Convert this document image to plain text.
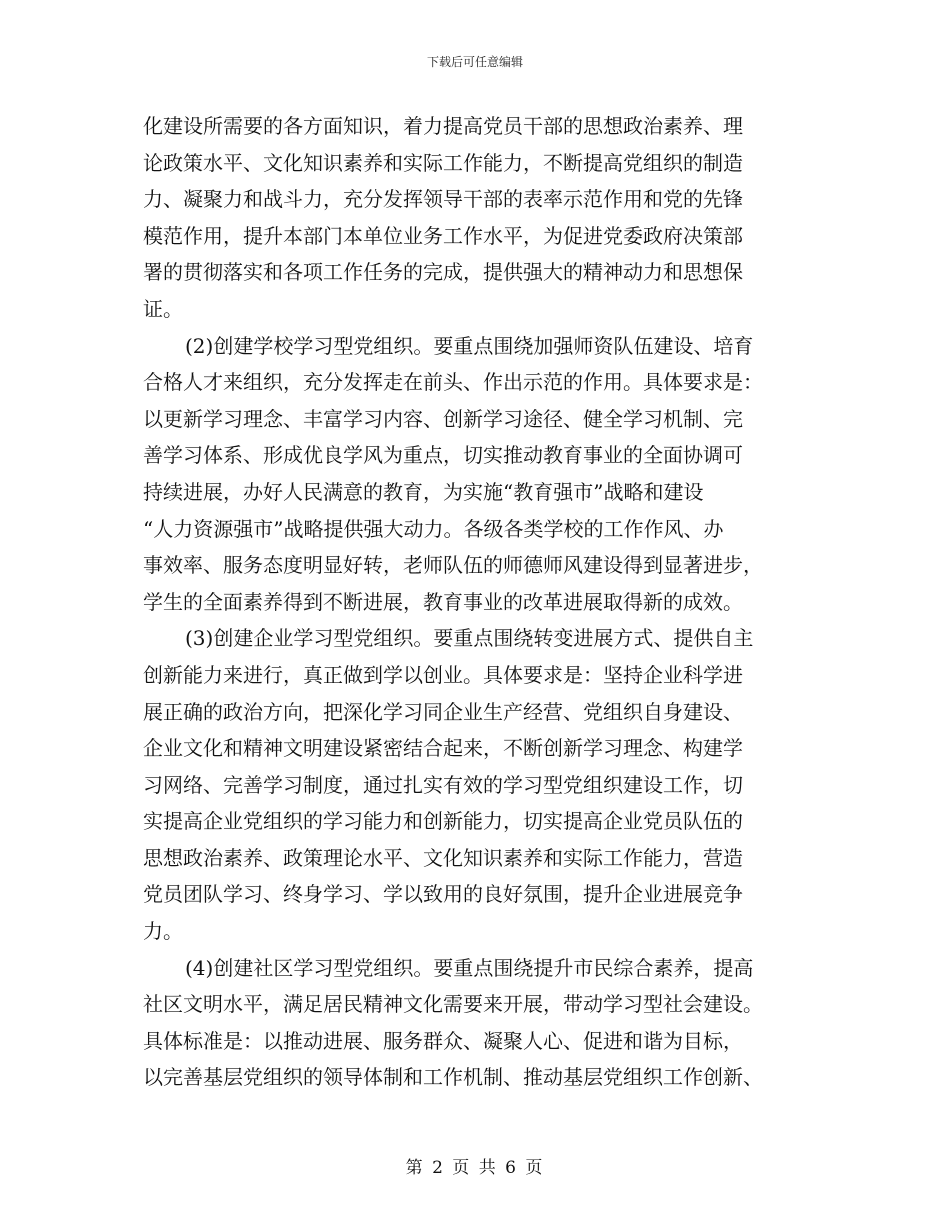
下载后可任意编辑
化建设所需要的各方面知识，着力提高党员干部的思想政治素养、理
论政策水平、文化知识素养和实际工作能力，不断提高党组织的制造
力、凝聚力和战斗力，充分发挥领导干部的表率示范作用和党的先锋
模范作用，提升本部门本单位业务工作水平，为促进党委政府决策部
署的贯彻落实和各项工作任务的完成，提供强大的精神动力和思想保
证。
(2)创建学校学习型党组织。要重点围绕加强师资队伍建设、培育
合格人才来组织，充分发挥走在前头、作出示范的作用。具体要求是：
以更新学习理念、丰富学习内容、创新学习途径、健全学习机制、完
善学习体系、形成优良学风为重点，切实推动教育事业的全面协调可
持续进展，办好人民满意的教育，为实施“教育强市”战略和建设
“人力资源强市”战略提供强大动力。各级各类学校的工作作风、办
事效率、服务态度明显好转，老师队伍的师德师风建设得到显著进步，
学生的全面素养得到不断进展，教育事业的改革进展取得新的成效。
(3)创建企业学习型党组织。要重点围绕转变进展方式、提供自主
创新能力来进行，真正做到学以创业。具体要求是：坚持企业科学进
展正确的政治方向，把深化学习同企业生产经营、党组织自身建设、
企业文化和精神文明建设紧密结合起来，不断创新学习理念、构建学
习网络、完善学习制度，通过扎实有效的学习型党组织建设工作，切
实提高企业党组织的学习能力和创新能力，切实提高企业党员队伍的
思想政治素养、政策理论水平、文化知识素养和实际工作能力，营造
党员团队学习、终身学习、学以致用的良好氛围，提升企业进展竞争
力。
(4)创建社区学习型党组织。要重点围绕提升市民综合素养，提高
社区文明水平，满足居民精神文化需要来开展，带动学习型社会建设。
具体标准是：以推动进展、服务群众、凝聚人心、促进和谐为目标，
以完善基层党组织的领导体制和工作机制、推动基层党组织工作创新、
第 2 页 共 6 页
